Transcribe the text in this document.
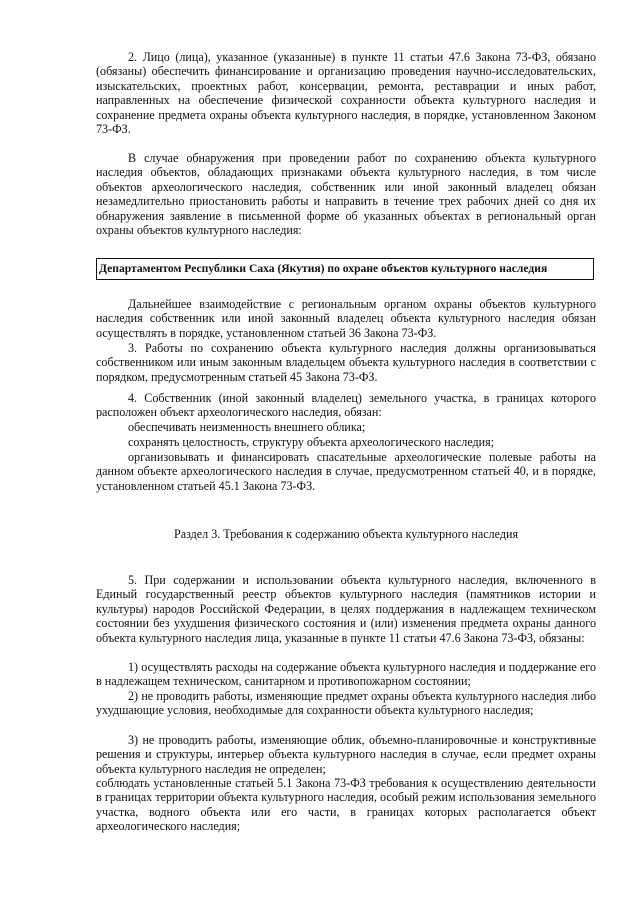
2. Лицо (лица), указанное (указанные) в пункте 11 статьи 47.6 Закона 73-ФЗ, обязано (обязаны) обеспечить финансирование и организацию проведения научно-исследовательских, изыскательских, проектных работ, консервации, ремонта, реставрации и иных работ, направленных на обеспечение физической сохранности объекта культурного наследия и сохранение предмета охраны объекта культурного наследия, в порядке, установленном Законом 73-ФЗ.

В случае обнаружения при проведении работ по сохранению объекта культурного наследия объектов, обладающих признаками объекта культурного наследия, в том числе объектов археологического наследия, собственник или иной законный владелец обязан незамедлительно приостановить работы и направить в течение трех рабочих дней со дня их обнаружения заявление в письменной форме об указанных объектах в региональный орган охраны объектов культурного наследия:

Департаментом Республики Саха (Якутия) по охране объектов культурного наследия

Дальнейшее взаимодействие с региональным органом охраны объектов культурного наследия собственник или иной законный владелец объекта культурного наследия обязан осуществлять в порядке, установленном статьей 36 Закона 73-ФЗ.

3. Работы по сохранению объекта культурного наследия должны организовываться собственником или иным законным владельцем объекта культурного наследия в соответствии с порядком, предусмотренным статьей 45 Закона 73-ФЗ.

4. Собственник (иной законный владелец) земельного участка, в границах которого расположен объект археологического наследия, обязан:

обеспечивать неизменность внешнего облика;

сохранять целостность, структуру объекта археологического наследия;

организовывать и финансировать спасательные археологические полевые работы на данном объекте археологического наследия в случае, предусмотренном статьей 40, и в порядке, установленном статьей 45.1 Закона 73-ФЗ.

Раздел 3. Требования к содержанию объекта культурного наследия

5. При содержании и использовании объекта культурного наследия, включенного в Единый государственный реестр объектов культурного наследия (памятников истории и культуры) народов Российской Федерации, в целях поддержания в надлежащем техническом состоянии без ухудшения физического состояния и (или) изменения предмета охраны данного объекта культурного наследия лица, указанные в пункте 11 статьи 47.6 Закона 73-ФЗ, обязаны:

1) осуществлять расходы на содержание объекта культурного наследия и поддержание его в надлежащем техническом, санитарном и противопожарном состоянии;

2) не проводить работы, изменяющие предмет охраны объекта культурного наследия либо ухудшающие условия, необходимые для сохранности объекта культурного наследия;

3) не проводить работы, изменяющие облик, объемно-планировочные и конструктивные решения и структуры, интерьер объекта культурного наследия в случае, если предмет охраны объекта культурного наследия не определен;

соблюдать установленные статьей 5.1 Закона 73-ФЗ требования к осуществлению деятельности в границах территории объекта культурного наследия, особый режим использования земельного участка, водного объекта или его части, в границах которых располагается объект археологического наследия;
